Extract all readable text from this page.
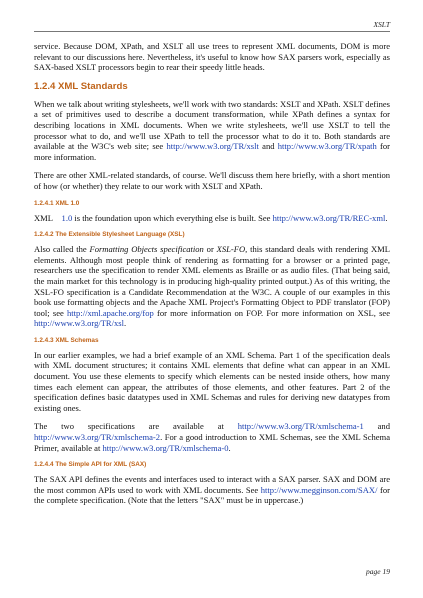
XSLT

service. Because DOM, XPath, and XSLT all use trees to represent XML documents, DOM is more relevant to our discussions here. Nevertheless, it's useful to know how SAX parsers work, especially as SAX-based XSLT processors begin to rear their speedy little heads.

1.2.4 XML Standards

When we talk about writing stylesheets, we'll work with two standards: XSLT and XPath. XSLT defines a set of primitives used to describe a document transformation, while XPath defines a syntax for describing locations in XML documents. When we write stylesheets, we'll use XSLT to tell the processor what to do, and we'll use XPath to tell the processor what to do it to. Both standards are available at the W3C's web site; see http://www.w3.org/TR/xslt and http://www.w3.org/TR/xpath for more information.

There are other XML-related standards, of course. We'll discuss them here briefly, with a short mention of how (or whether) they relate to our work with XSLT and XPath.

1.2.4.1 XML 1.0

XML 1.0 is the foundation upon which everything else is built. See http://www.w3.org/TR/REC-xml.

1.2.4.2 The Extensible Stylesheet Language (XSL)

Also called the Formatting Objects specification or XSL-FO, this standard deals with rendering XML elements. Although most people think of rendering as formatting for a browser or a printed page, researchers use the specification to render XML elements as Braille or as audio files. (That being said, the main market for this technology is in producing high-quality printed output.) As of this writing, the XSL-FO specification is a Candidate Recommendation at the W3C. A couple of our examples in this book use formatting objects and the Apache XML Project's Formatting Object to PDF translator (FOP) tool; see http://xml.apache.org/fop for more information on FOP. For more information on XSL, see http://www.w3.org/TR/xsl.

1.2.4.3 XML Schemas

In our earlier examples, we had a brief example of an XML Schema. Part 1 of the specification deals with XML document structures; it contains XML elements that define what can appear in an XML document. You use these elements to specify which elements can be nested inside others, how many times each element can appear, the attributes of those elements, and other features. Part 2 of the specification defines basic datatypes used in XML Schemas and rules for deriving new datatypes from existing ones.

The two specifications are available at http://www.w3.org/TR/xmlschema-1 and http://www.w3.org/TR/xmlschema-2. For a good introduction to XML Schemas, see the XML Schema Primer, available at http://www.w3.org/TR/xmlschema-0.

1.2.4.4 The Simple API for XML (SAX)

The SAX API defines the events and interfaces used to interact with a SAX parser. SAX and DOM are the most common APIs used to work with XML documents. See http://www.megginson.com/SAX/ for the complete specification. (Note that the letters "SAX" must be in uppercase.)

page 19
